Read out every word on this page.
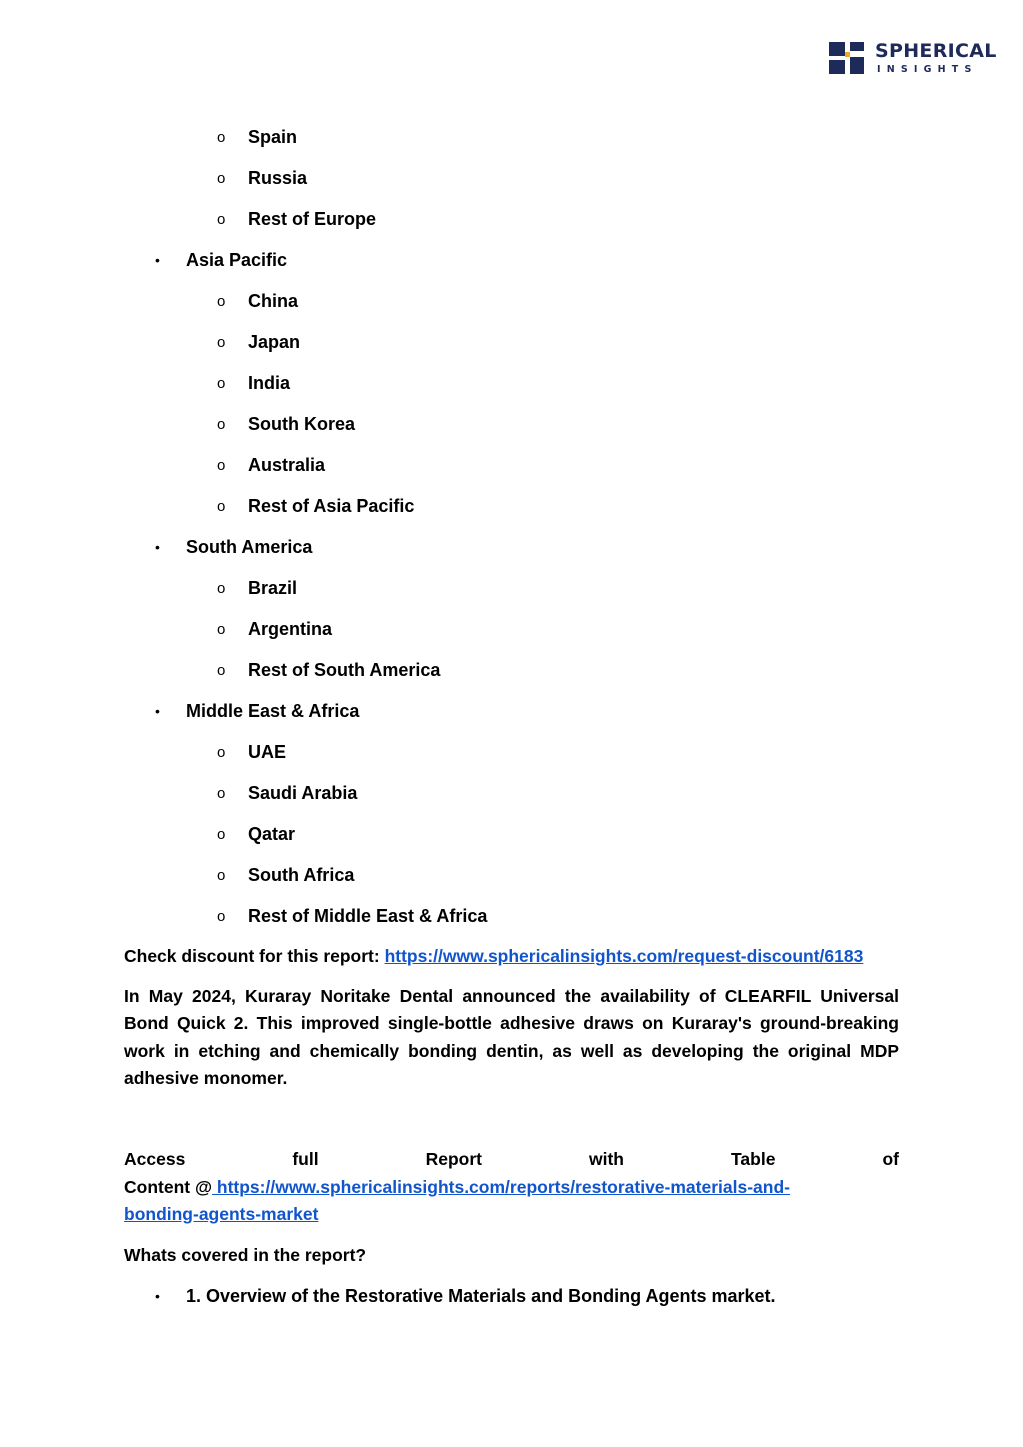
SPHERICAL
INSIGHTS
o Spain
o Russia
o Rest of Europe
• Asia Pacific
o China
o Japan
o India
o South Korea
o Australia
o Rest of Asia Pacific
• South America
o Brazil
o Argentina
o Rest of South America
• Middle East & Africa
o UAE
o Saudi Arabia
o Qatar
o South Africa
o Rest of Middle East & Africa
Check discount for this report: https://www.sphericalinsights.com/request-discount/6183
In May 2024, Kuraray Noritake Dental announced the availability of CLEARFIL Universal Bond Quick 2. This improved single-bottle adhesive draws on Kuraray's ground-breaking work in etching and chemically bonding dentin, as well as developing the original MDP adhesive monomer.
Access	full	Report	with	Table	of
Content @ https://www.sphericalinsights.com/reports/restorative-materials-and-
bonding-agents-market
Whats covered in the report?
• 1. Overview of the Restorative Materials and Bonding Agents market.
